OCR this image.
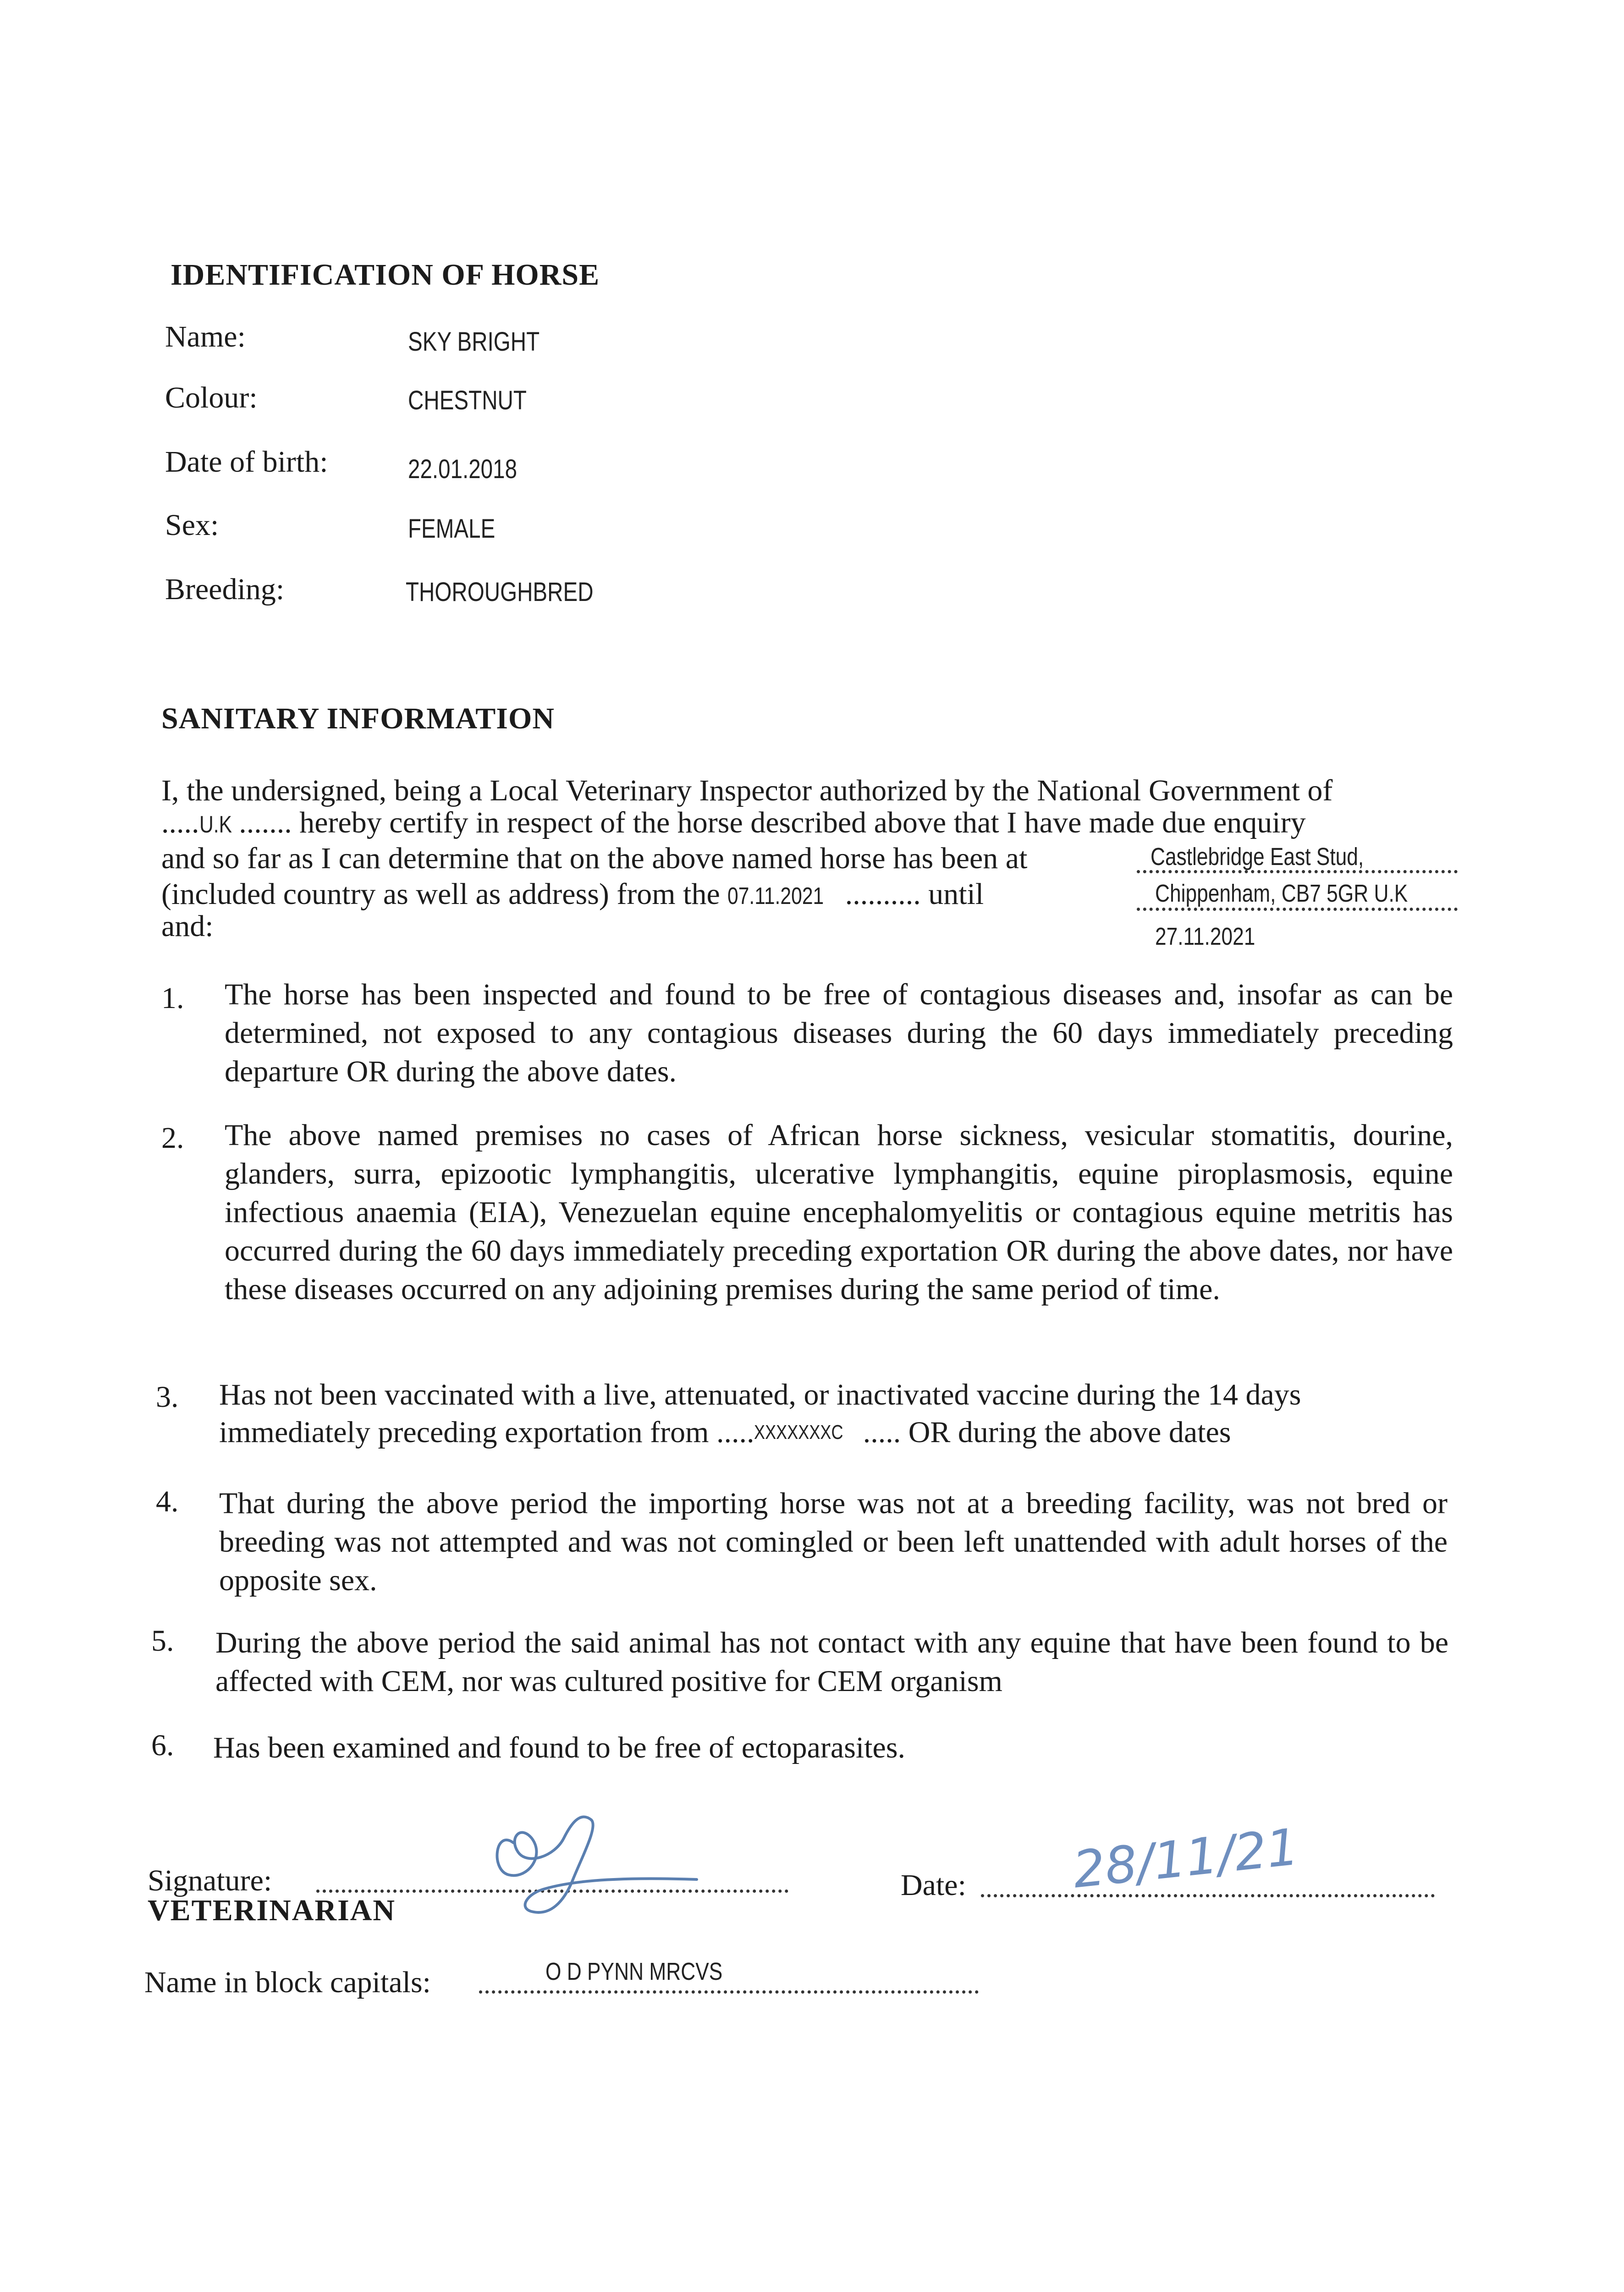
IDENTIFICATION OF HORSE
Name:	SKY BRIGHT
Colour:	CHESTNUT
Date of birth:	22.01.2018
Sex:	FEMALE
Breeding:	THOROUGHBRED
SANITARY INFORMATION
I, the undersigned, being a Local Veterinary Inspector authorized by the National Government of
.....U.K ....... hereby certify in respect of the horse described above that I have made due enquiry
and so far as I can determine that on the above named horse has been at	Castlebridge East Stud,
(included country as well as address) from the 07.11.2021 .......... until	Chippenham, CB7 5GR U.K
and:	27.11.2021
1. The horse has been inspected and found to be free of contagious diseases and, insofar as can be determined, not exposed to any contagious diseases during the 60 days immediately preceding departure OR during the above dates.
2. The above named premises no cases of African horse sickness, vesicular stomatitis, dourine, glanders, surra, epizootic lymphangitis, ulcerative lymphangitis, equine piroplasmosis, equine infectious anaemia (EIA), Venezuelan equine encephalomyelitis or contagious equine metritis has occurred during the 60 days immediately preceding exportation OR during the above dates, nor have these diseases occurred on any adjoining premises during the same period of time.
3. Has not been vaccinated with a live, attenuated, or inactivated vaccine during the 14 days
immediately preceding exportation from .....XXXXXXXC ..... OR during the above dates
4. That during the above period the importing horse was not at a breeding facility, was not bred or breeding was not attempted and was not comingled or been left unattended with adult horses of the opposite sex.
5. During the above period the said animal has not contact with any equine that have been found to be affected with CEM, nor was cultured positive for CEM organism
6. Has been examined and found to be free of ectoparasites.
Signature:
VETERINARIAN
Date: 28/11/21
Name in block capitals:	O D PYNN MRCVS
